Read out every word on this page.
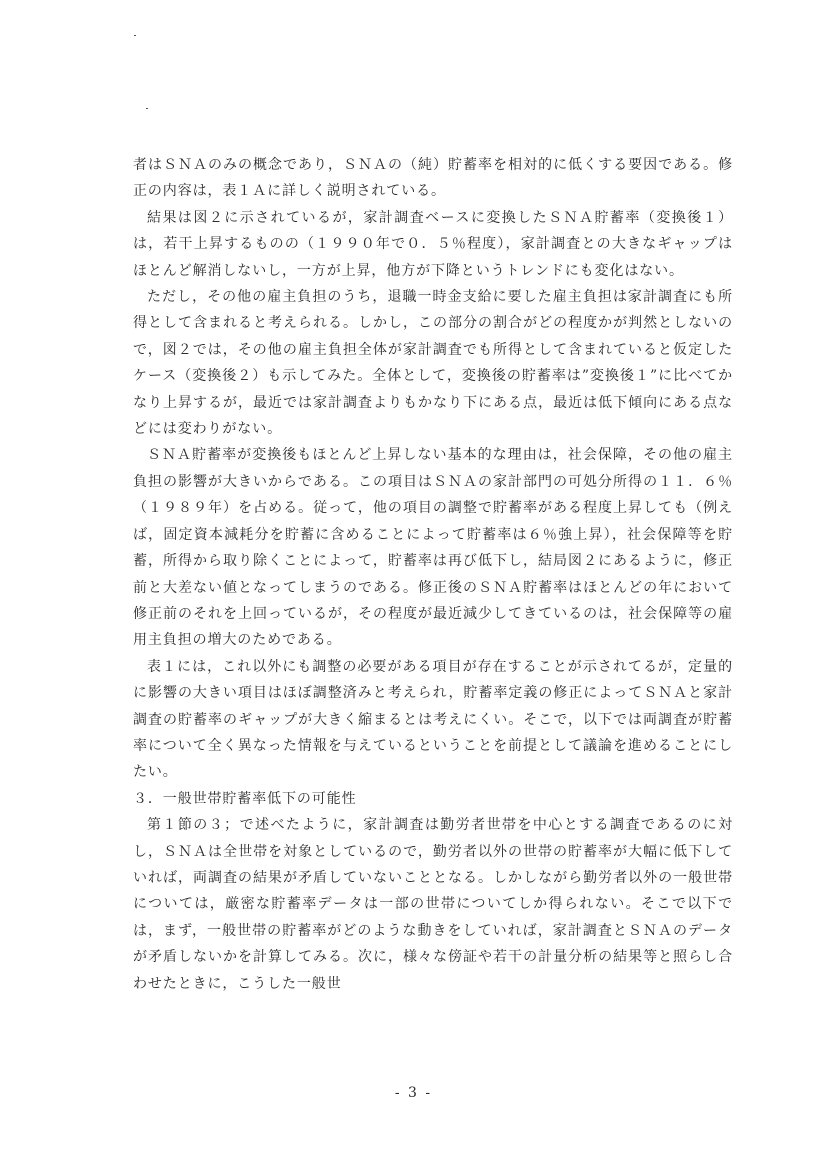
者はＳＮＡのみの概念であり，ＳＮＡの（純）貯蓄率を相対的に低くする要因である。修正の内容は，表１Ａに詳しく説明されている。

結果は図２に示されているが，家計調査ベースに変換したＳＮＡ貯蓄率（変換後１）は，若干上昇するものの（１９９０年で０．５％程度），家計調査との大きなギャップはほとんど解消しないし，一方が上昇，他方が下降というトレンドにも変化はない。

ただし，その他の雇主負担のうち，退職一時金支給に要した雇主負担は家計調査にも所得として含まれると考えられる。しかし，この部分の割合がどの程度かが判然としないので，図２では，その他の雇主負担全体が家計調査でも所得として含まれていると仮定したケース（変換後２）も示してみた。全体として，変換後の貯蓄率は”変換後１”に比べてかなり上昇するが，最近では家計調査よりもかなり下にある点，最近は低下傾向にある点などには変わりがない。

ＳＮＡ貯蓄率が変換後もほとんど上昇しない基本的な理由は，社会保障，その他の雇主負担の影響が大きいからである。この項目はＳＮＡの家計部門の可処分所得の１１．６％（１９８９年）を占める。従って，他の項目の調整で貯蓄率がある程度上昇しても（例えば，固定資本減耗分を貯蓄に含めることによって貯蓄率は６％強上昇），社会保障等を貯蓄，所得から取り除くことによって，貯蓄率は再び低下し，結局図２にあるように，修正前と大差ない値となってしまうのである。修正後のＳＮＡ貯蓄率はほとんどの年において修正前のそれを上回っているが，その程度が最近減少してきているのは，社会保障等の雇用主負担の増大のためである。

表１には，これ以外にも調整の必要がある項目が存在することが示されてるが，定量的に影響の大きい項目はほぼ調整済みと考えられ，貯蓄率定義の修正によってＳＮＡと家計調査の貯蓄率のギャップが大きく縮まるとは考えにくい。そこで，以下では両調査が貯蓄率について全く異なった情報を与えているということを前提として議論を進めることにしたい。

３．一般世帯貯蓄率低下の可能性

第１節の３；で述べたように，家計調査は勤労者世帯を中心とする調査であるのに対し，ＳＮＡは全世帯を対象としているので，勤労者以外の世帯の貯蓄率が大幅に低下していれば，両調査の結果が矛盾していないこととなる。しかしながら勤労者以外の一般世帯については，厳密な貯蓄率データは一部の世帯についてしか得られない。そこで以下では，まず，一般世帯の貯蓄率がどのような動きをしていれば，家計調査とＳＮＡのデータが矛盾しないかを計算してみる。次に，様々な傍証や若干の計量分析の結果等と照らし合わせたときに，こうした一般世

- 3 -
